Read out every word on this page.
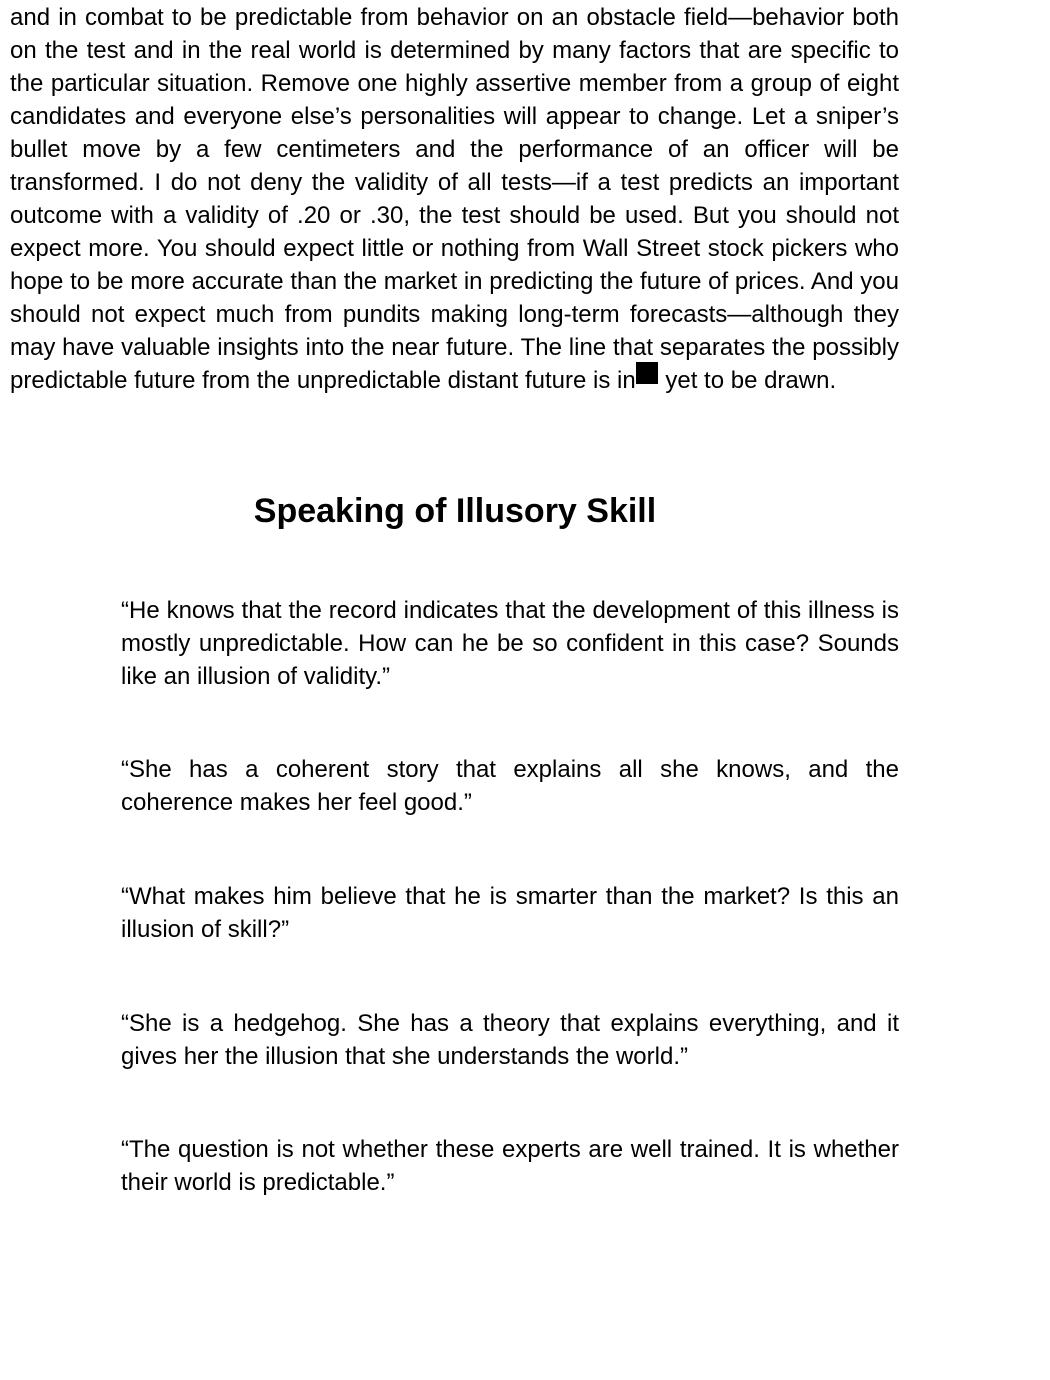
and in combat to be predictable from behavior on an obstacle field—behavior both on the test and in the real world is determined by many factors that are specific to the particular situation. Remove one highly assertive member from a group of eight candidates and everyone else’s personalities will appear to change. Let a sniper’s bullet move by a few centimeters and the performance of an officer will be transformed. I do not deny the validity of all tests—if a test predicts an important outcome with a validity of .20 or .30, the test should be used. But you should not expect more. You should expect little or nothing from Wall Street stock pickers who hope to be more accurate than the market in predicting the future of prices. And you should not expect much from pundits making long-term forecasts—although they may have valuable insights into the near future. The line that separates the possibly predictable future from the unpredictable distant future is in yet to be drawn.

Speaking of Illusory Skill

“He knows that the record indicates that the development of this illness is mostly unpredictable. How can he be so confident in this case? Sounds like an illusion of validity.”

“She has a coherent story that explains all she knows, and the coherence makes her feel good.”

“What makes him believe that he is smarter than the market? Is this an illusion of skill?”

“She is a hedgehog. She has a theory that explains everything, and it gives her the illusion that she understands the world.”

“The question is not whether these experts are well trained. It is whether their world is predictable.”
